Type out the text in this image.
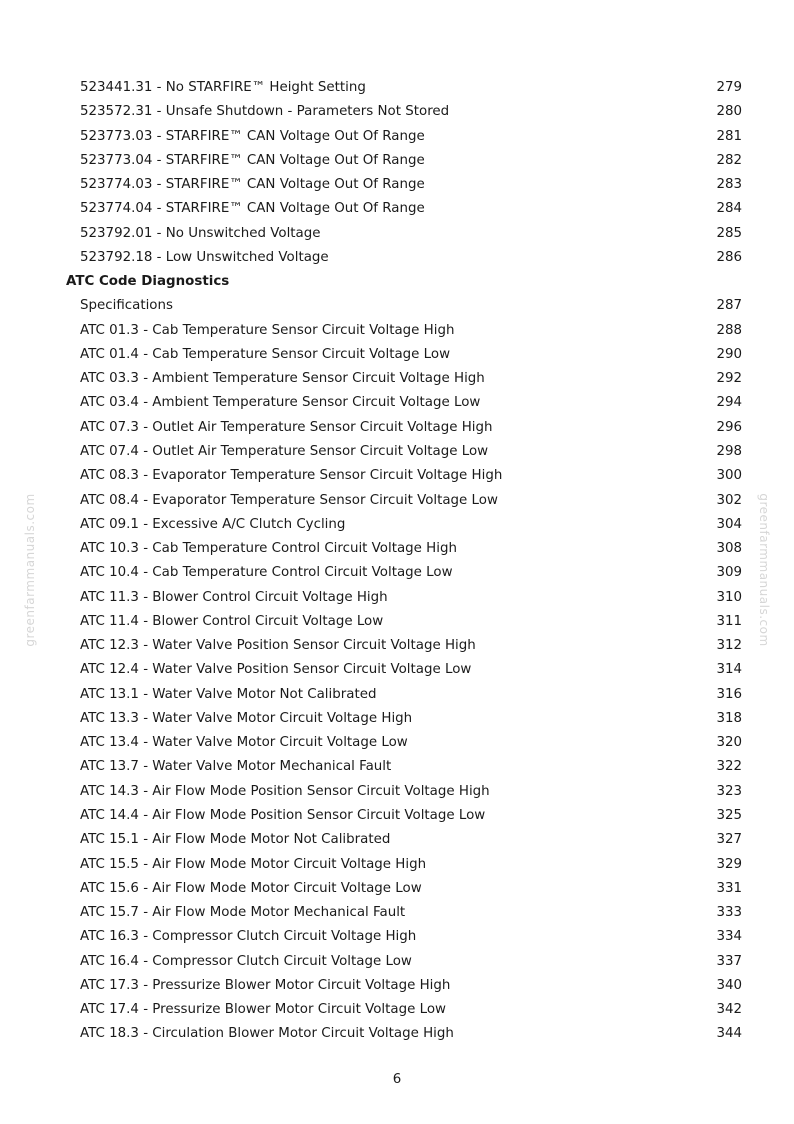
greenfarmmanuals.com	greenfarmmanuals.com
523441.31 - No STARFIRE™ Height Setting	279
523572.31 - Unsafe Shutdown - Parameters Not Stored	280
523773.03 - STARFIRE™ CAN Voltage Out Of Range	281
523773.04 - STARFIRE™ CAN Voltage Out Of Range	282
523774.03 - STARFIRE™ CAN Voltage Out Of Range	283
523774.04 - STARFIRE™ CAN Voltage Out Of Range	284
523792.01 - No Unswitched Voltage	285
523792.18 - Low Unswitched Voltage	286
ATC Code Diagnostics
Specifications	287
ATC 01.3 - Cab Temperature Sensor Circuit Voltage High	288
ATC 01.4 - Cab Temperature Sensor Circuit Voltage Low	290
ATC 03.3 - Ambient Temperature Sensor Circuit Voltage High	292
ATC 03.4 - Ambient Temperature Sensor Circuit Voltage Low	294
ATC 07.3 - Outlet Air Temperature Sensor Circuit Voltage High	296
ATC 07.4 - Outlet Air Temperature Sensor Circuit Voltage Low	298
ATC 08.3 - Evaporator Temperature Sensor Circuit Voltage High	300
ATC 08.4 - Evaporator Temperature Sensor Circuit Voltage Low	302
ATC 09.1 - Excessive A/C Clutch Cycling	304
ATC 10.3 - Cab Temperature Control Circuit Voltage High	308
ATC 10.4 - Cab Temperature Control Circuit Voltage Low	309
ATC 11.3 - Blower Control Circuit Voltage High	310
ATC 11.4 - Blower Control Circuit Voltage Low	311
ATC 12.3 - Water Valve Position Sensor Circuit Voltage High	312
ATC 12.4 - Water Valve Position Sensor Circuit Voltage Low	314
ATC 13.1 - Water Valve Motor Not Calibrated	316
ATC 13.3 - Water Valve Motor Circuit Voltage High	318
ATC 13.4 - Water Valve Motor Circuit Voltage Low	320
ATC 13.7 - Water Valve Motor Mechanical Fault	322
ATC 14.3 - Air Flow Mode Position Sensor Circuit Voltage High	323
ATC 14.4 - Air Flow Mode Position Sensor Circuit Voltage Low	325
ATC 15.1 - Air Flow Mode Motor Not Calibrated	327
ATC 15.5 - Air Flow Mode Motor Circuit Voltage High	329
ATC 15.6 - Air Flow Mode Motor Circuit Voltage Low	331
ATC 15.7 - Air Flow Mode Motor Mechanical Fault	333
ATC 16.3 - Compressor Clutch Circuit Voltage High	334
ATC 16.4 - Compressor Clutch Circuit Voltage Low	337
ATC 17.3 - Pressurize Blower Motor Circuit Voltage High	340
ATC 17.4 - Pressurize Blower Motor Circuit Voltage Low	342
ATC 18.3 - Circulation Blower Motor Circuit Voltage High	344
6
